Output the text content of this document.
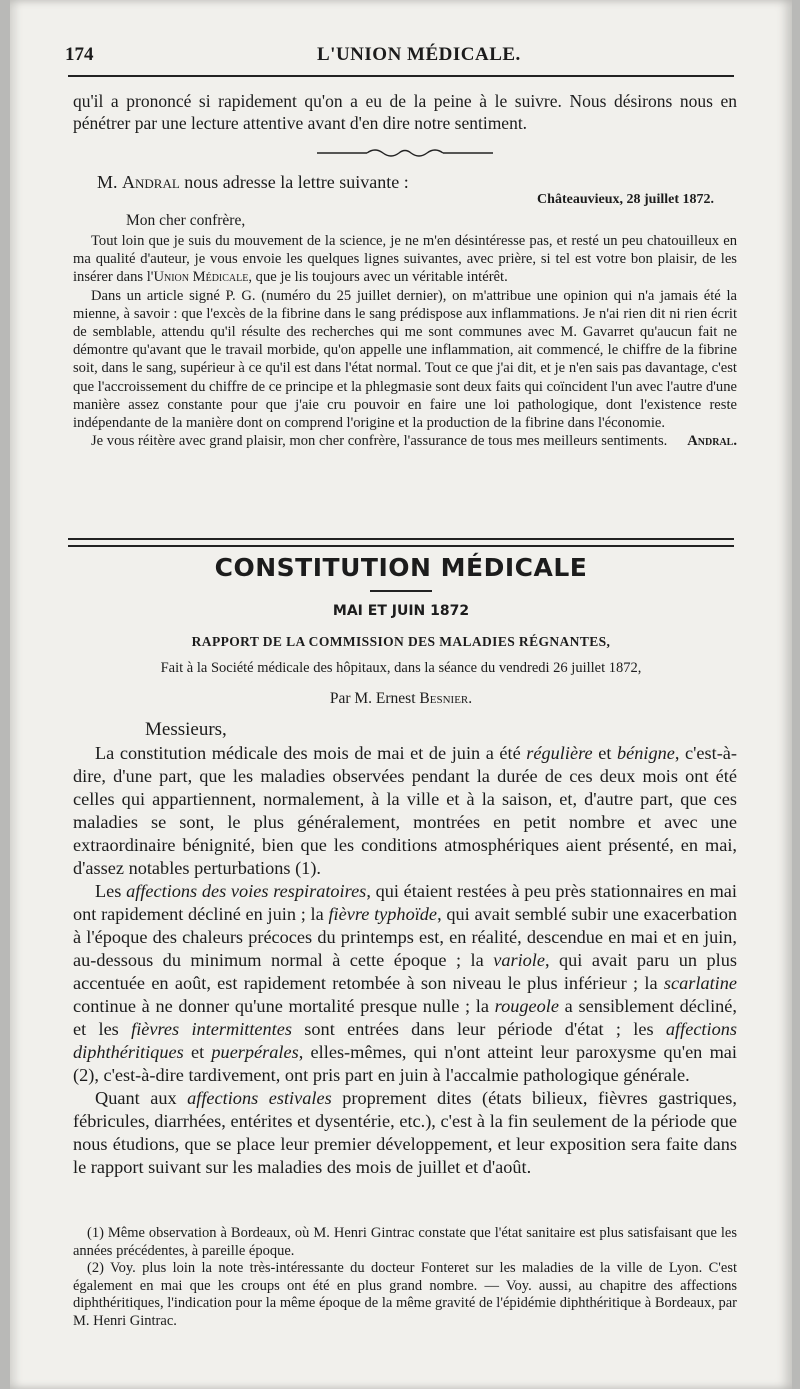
174	L'UNION MÉDICALE.

qu'il a prononcé si rapidement qu'on a eu de la peine à le suivre. Nous désirons nous en pénétrer par une lecture attentive avant d'en dire notre sentiment.

M. Andral nous adresse la lettre suivante :
Châteauvieux, 28 juillet 1872.
Mon cher confrère,

Tout loin que je suis du mouvement de la science, je ne m'en désintéresse pas, et resté un peu chatouilleux en ma qualité d'auteur, je vous envoie les quelques lignes suivantes, avec prière, si tel est votre bon plaisir, de les insérer dans l'Union Médicale, que je lis toujours avec un véritable intérêt.

Dans un article signé P. G. (numéro du 25 juillet dernier), on m'attribue une opinion qui n'a jamais été la mienne, à savoir : que l'excès de la fibrine dans le sang prédispose aux inflammations. Je n'ai rien dit ni rien écrit de semblable, attendu qu'il résulte des recherches qui me sont communes avec M. Gavarret qu'aucun fait ne démontre qu'avant que le travail morbide, qu'on appelle une inflammation, ait commencé, le chiffre de la fibrine soit, dans le sang, supérieur à ce qu'il est dans l'état normal. Tout ce que j'ai dit, et je n'en sais pas davantage, c'est que l'accroissement du chiffre de ce principe et la phlegmasie sont deux faits qui coïncident l'un avec l'autre d'une manière assez constante pour que j'aie cru pouvoir en faire une loi pathologique, dont l'existence reste indépendante de la manière dont on comprend l'origine et la production de la fibrine dans l'économie.

Je vous réitère avec grand plaisir, mon cher confrère, l'assurance de tous mes meilleurs sentiments.	Andral.

CONSTITUTION MÉDICALE
MAI ET JUIN 1872
RAPPORT DE LA COMMISSION DES MALADIES RÉGNANTES,
Fait à la Société médicale des hôpitaux, dans la séance du vendredi 26 juillet 1872,
Par M. Ernest Besnier.
Messieurs,

La constitution médicale des mois de mai et de juin a été régulière et bénigne, c'est-à-dire, d'une part, que les maladies observées pendant la durée de ces deux mois ont été celles qui appartiennent, normalement, à la ville et à la saison, et, d'autre part, que ces maladies se sont, le plus généralement, montrées en petit nombre et avec une extraordinaire bénignité, bien que les conditions atmosphériques aient présenté, en mai, d'assez notables perturbations (1).

Les affections des voies respiratoires, qui étaient restées à peu près stationnaires en mai ont rapidement décliné en juin ; la fièvre typhoïde, qui avait semblé subir une exacerbation à l'époque des chaleurs précoces du printemps est, en réalité, descendue en mai et en juin, au-dessous du minimum normal à cette époque ; la variole, qui avait paru un plus accentuée en août, est rapidement retombée à son niveau le plus inférieur ; la scarlatine continue à ne donner qu'une mortalité presque nulle ; la rougeole a sensiblement décliné, et les fièvres intermittentes sont entrées dans leur période d'état ; les affections diphthéritiques et puerpérales, elles-mêmes, qui n'ont atteint leur paroxysme qu'en mai (2), c'est-à-dire tardivement, ont pris part en juin à l'accalmie pathologique générale.

Quant aux affections estivales proprement dites (états bilieux, fièvres gastriques, fébricules, diarrhées, entérites et dysentérie, etc.), c'est à la fin seulement de la période que nous étudions, que se place leur premier développement, et leur exposition sera faite dans le rapport suivant sur les maladies des mois de juillet et d'août.

(1) Même observation à Bordeaux, où M. Henri Gintrac constate que l'état sanitaire est plus satisfaisant que les années précédentes, à pareille époque.

(2) Voy. plus loin la note très-intéressante du docteur Fonteret sur les maladies de la ville de Lyon. C'est également en mai que les croups ont été en plus grand nombre. — Voy. aussi, au chapitre des affections diphthéritiques, l'indication pour la même époque de la même gravité de l'épidémie diphthéritique à Bordeaux, par M. Henri Gintrac.
